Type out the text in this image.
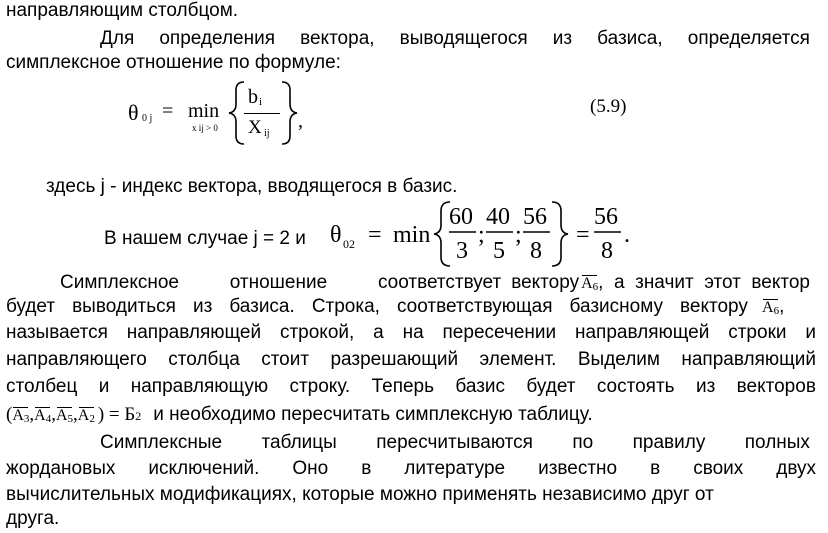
направляющим столбцом.
Для определения вектора, выводящегося из базиса, определяется
симплексное отношение по формуле:
θ 0 j = min
x ij > 0
b i
X ij
,
(5.9)
здесь j - индекс вектора, вводящегося в базис.
В нашем случае j = 2 и	θ 02 = min
60
3
;
40
5
;
56
8
=
56
8
.
Симплексное	отношение	соответствует вектору $A_6$ ,  а  значит  этот  вектор
будет выводиться из базиса. Строка, соответствующая базисному вектору $A_6$ ,
называется направляющей строкой, а на пересечении направляющей строки и
направляющего столбца стоит разрешающий элемент. Выделим направляющий
столбец и направляющую строку. Теперь базис будет состоять из векторов
( $A_3$ , $A_4$ , $A_5$ , $A_2$ ) = Б 2 и необходимо пересчитать симплексную таблицу.
Симплексные таблицы пересчитываются по правилу полных
жордановых исключений. Оно в литературе известно в своих двух
вычислительных модификациях, которые можно применять независимо друг от
друга.
